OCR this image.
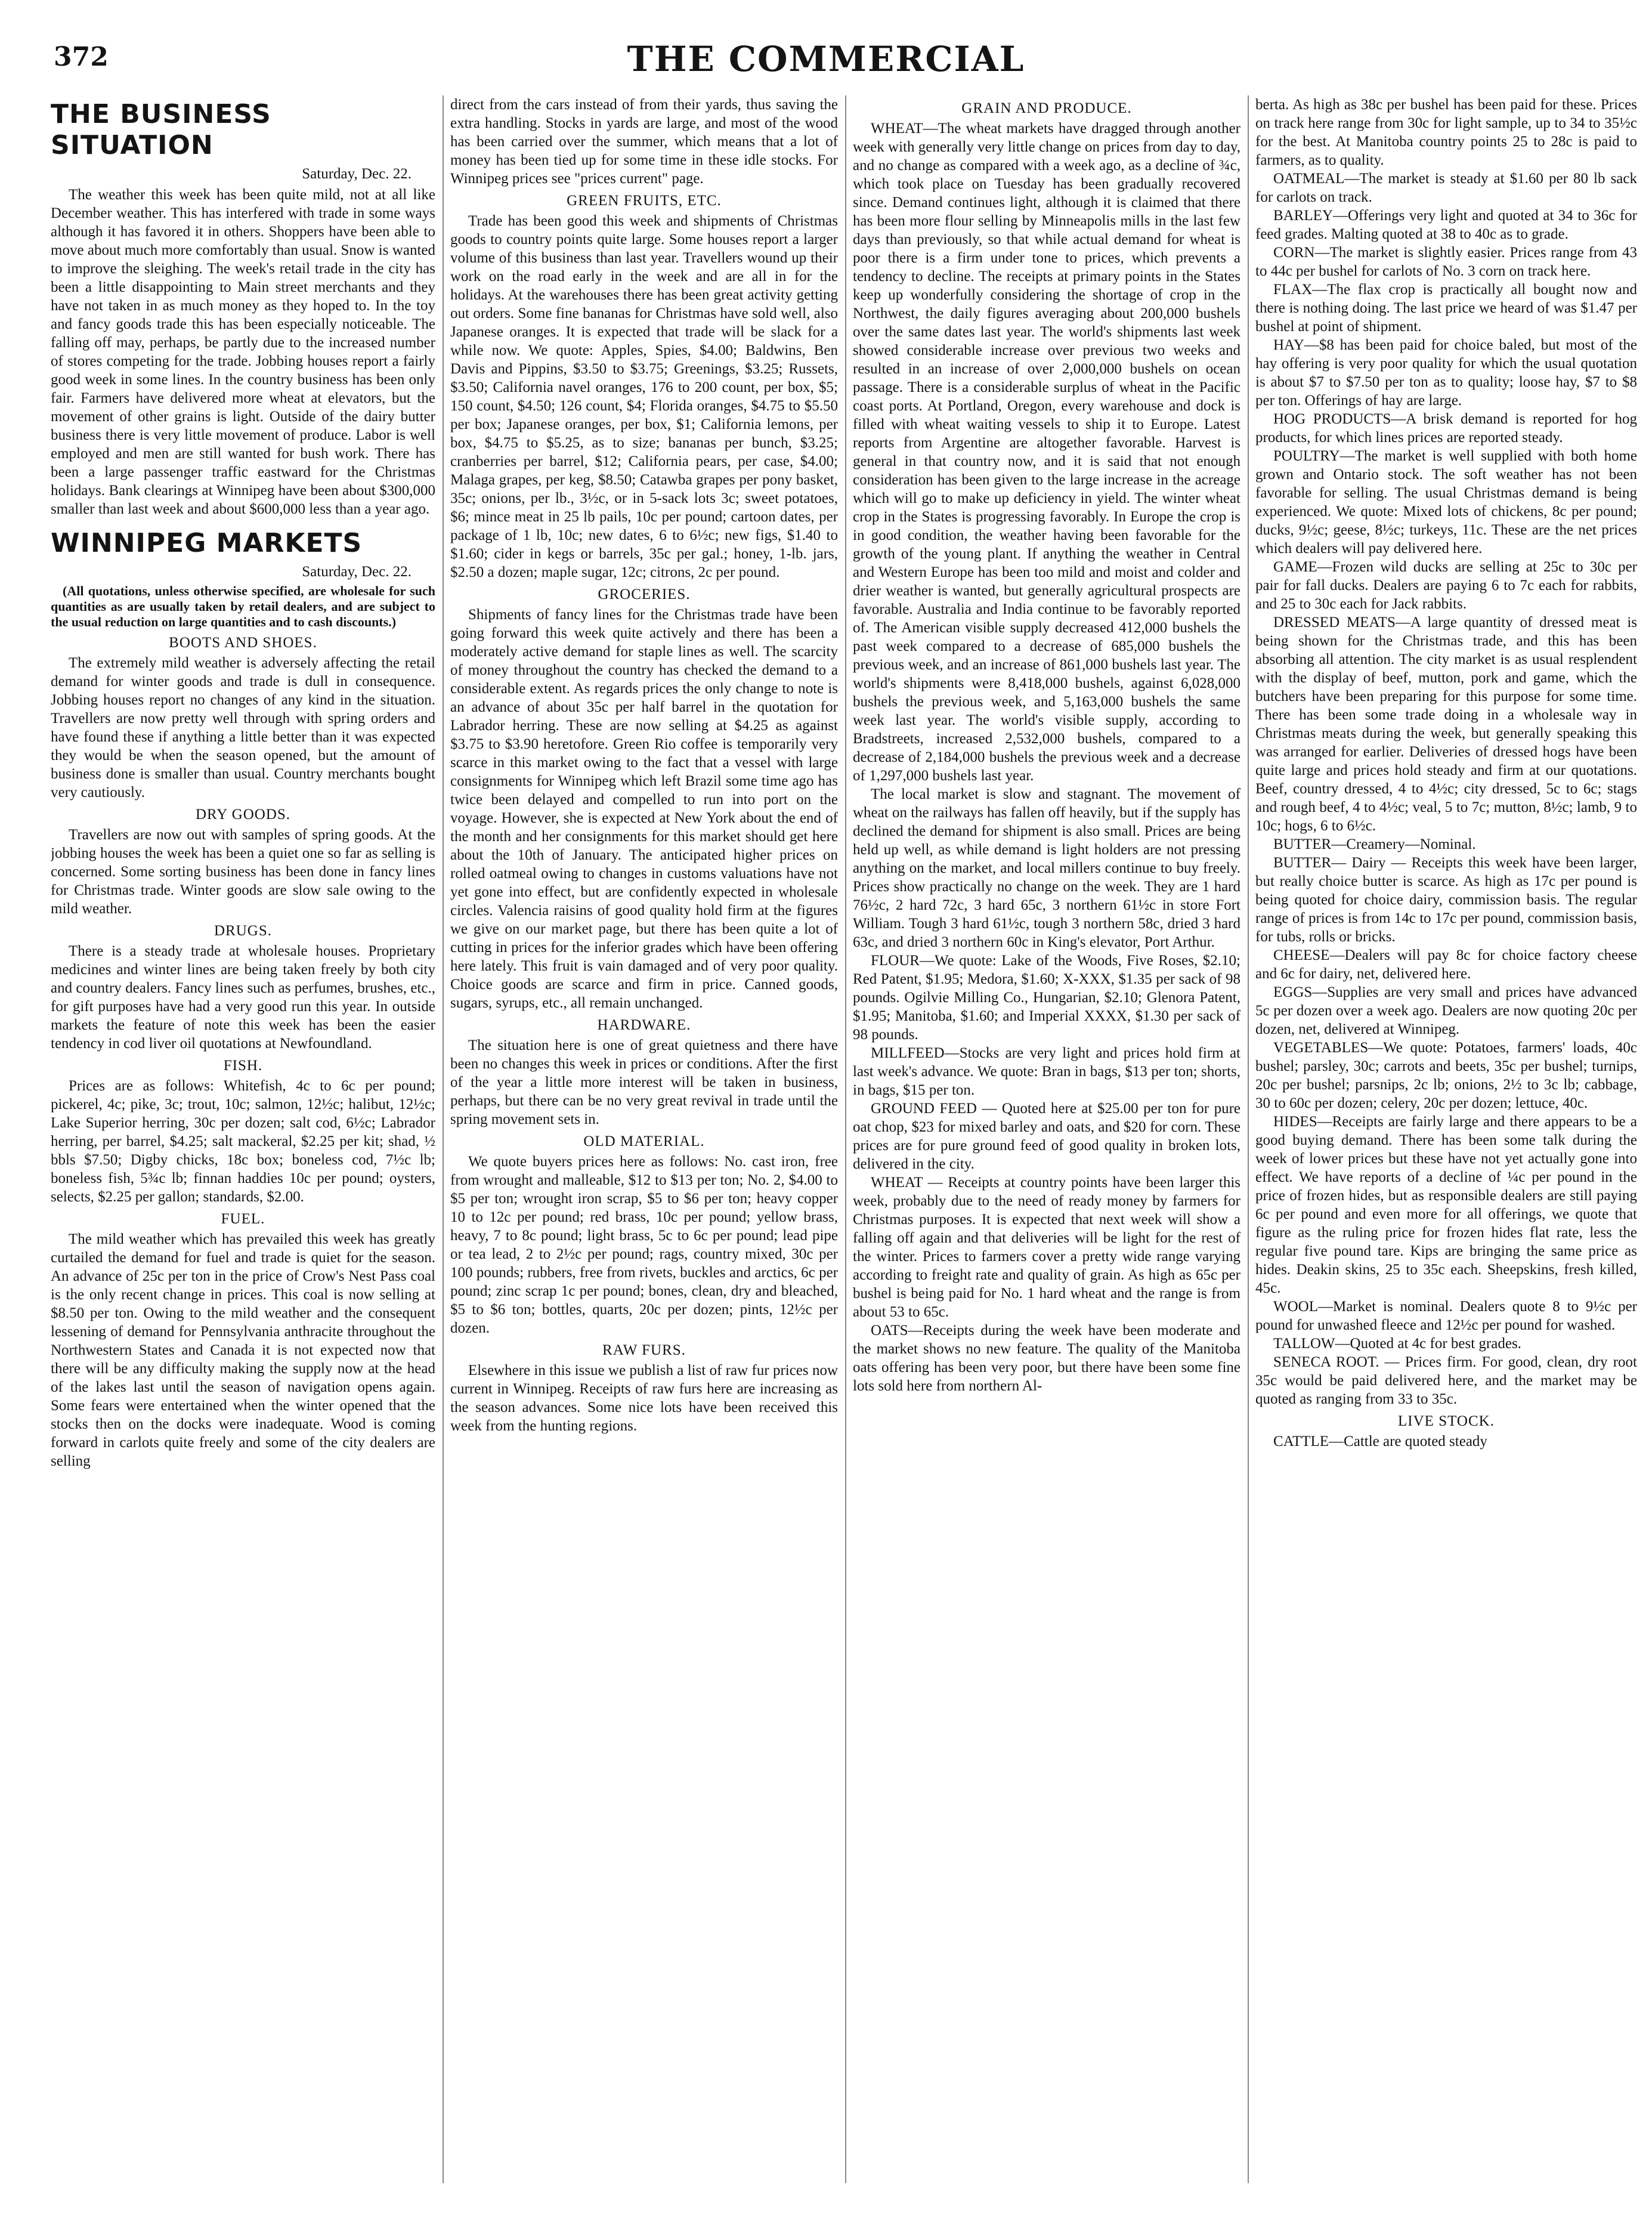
372	THE COMMERCIAL
THE BUSINESS SITUATION
Saturday, Dec. 22.

The weather this week has been quite mild, not at all like December weather. This has interfered with trade in some ways although it has favored it in others. Shoppers have been able to move about much more comfortably than usual. Snow is wanted to improve the sleighing. The week's retail trade in the city has been a little disappointing to Main street merchants and they have not taken in as much money as they hoped to. In the toy and fancy goods trade this has been especially noticeable. The falling off may, perhaps, be partly due to the increased number of stores competing for the trade. Jobbing houses report a fairly good week in some lines. In the country business has been only fair. Farmers have delivered more wheat at elevators, but the movement of other grains is light. Outside of the dairy butter business there is very little movement of produce. Labor is well employed and men are still wanted for bush work. There has been a large passenger traffic eastward for the Christmas holidays. Bank clearings at Winnipeg have been about $300,000 smaller than last week and about $600,000 less than a year ago.

WINNIPEG MARKETS
Saturday, Dec. 22.

(All quotations, unless otherwise specified, are wholesale for such quantities as are usually taken by retail dealers, and are subject to the usual reduction on large quantities and to cash discounts.)

BOOTS AND SHOES.

The extremely mild weather is adversely affecting the retail demand for winter goods and trade is dull in consequence. Jobbing houses report no changes of any kind in the situation. Travellers are now pretty well through with spring orders and have found these if anything a little better than it was expected they would be when the season opened, but the amount of business done is smaller than usual. Country merchants bought very cautiously.

DRY GOODS.

Travellers are now out with samples of spring goods. At the jobbing houses the week has been a quiet one so far as selling is concerned. Some sorting business has been done in fancy lines for Christmas trade. Winter goods are slow sale owing to the mild weather.

DRUGS.

There is a steady trade at wholesale houses. Proprietary medicines and winter lines are being taken freely by both city and country dealers. Fancy lines such as perfumes, brushes, etc., for gift purposes have had a very good run this year. In outside markets the feature of note this week has been the easier tendency in cod liver oil quotations at Newfoundland.

FISH.

Prices are as follows: Whitefish, 4c to 6c per pound; pickerel, 4c; pike, 3c; trout, 10c; salmon, 12½c; halibut, 12½c; Lake Superior herring, 30c per dozen; salt cod, 6½c; Labrador herring, per barrel, $4.25; salt mackeral, $2.25 per kit; shad, ½ bbls $7.50; Digby chicks, 18c box; boneless cod, 7½c lb; boneless fish, 5¾c lb; finnan haddies 10c per pound; oysters, selects, $2.25 per gallon; standards, $2.00.

FUEL.

The mild weather which has prevailed this week has greatly curtailed the demand for fuel and trade is quiet for the season. An advance of 25c per ton in the price of Crow's Nest Pass coal is the only recent change in prices. This coal is now selling at $8.50 per ton. Owing to the mild weather and the consequent lessening of demand for Pennsylvania anthracite throughout the Northwestern States and Canada it is not expected now that there will be any difficulty making the supply now at the head of the lakes last until the season of navigation opens again. Some fears were entertained when the winter opened that the stocks then on the docks were inadequate. Wood is coming forward in carlots quite freely and some of the city dealers are selling

direct from the cars instead of from their yards, thus saving the extra handling. Stocks in yards are large, and most of the wood has been carried over the summer, which means that a lot of money has been tied up for some time in these idle stocks. For Winnipeg prices see "prices current" page.

GREEN FRUITS, ETC.

Trade has been good this week and shipments of Christmas goods to country points quite large. Some houses report a larger volume of this business than last year. Travellers wound up their work on the road early in the week and are all in for the holidays. At the warehouses there has been great activity getting out orders. Some fine bananas for Christmas have sold well, also Japanese oranges. It is expected that trade will be slack for a while now. We quote: Apples, Spies, $4.00; Baldwins, Ben Davis and Pippins, $3.50 to $3.75; Greenings, $3.25; Russets, $3.50; California navel oranges, 176 to 200 count, per box, $5; 150 count, $4.50; 126 count, $4; Florida oranges, $4.75 to $5.50 per box; Japanese oranges, per box, $1; California lemons, per box, $4.75 to $5.25, as to size; bananas per bunch, $3.25; cranberries per barrel, $12; California pears, per case, $4.00; Malaga grapes, per keg, $8.50; Catawba grapes per pony basket, 35c; onions, per lb., 3½c, or in 5-sack lots 3c; sweet potatoes, $6; mince meat in 25 lb pails, 10c per pound; cartoon dates, per package of 1 lb, 10c; new dates, 6 to 6½c; new figs, $1.40 to $1.60; cider in kegs or barrels, 35c per gal.; honey, 1-lb. jars, $2.50 a dozen; maple sugar, 12c; citrons, 2c per pound.

GROCERIES.

Shipments of fancy lines for the Christmas trade have been going forward this week quite actively and there has been a moderately active demand for staple lines as well. The scarcity of money throughout the country has checked the demand to a considerable extent. As regards prices the only change to note is an advance of about 35c per half barrel in the quotation for Labrador herring. These are now selling at $4.25 as against $3.75 to $3.90 heretofore. Green Rio coffee is temporarily very scarce in this market owing to the fact that a vessel with large consignments for Winnipeg which left Brazil some time ago has twice been delayed and compelled to run into port on the voyage. However, she is expected at New York about the end of the month and her consignments for this market should get here about the 10th of January. The anticipated higher prices on rolled oatmeal owing to changes in customs valuations have not yet gone into effect, but are confidently expected in wholesale circles. Valencia raisins of good quality hold firm at the figures we give on our market page, but there has been quite a lot of cutting in prices for the inferior grades which have been offering here lately. This fruit is vain damaged and of very poor quality. Choice goods are scarce and firm in price. Canned goods, sugars, syrups, etc., all remain unchanged.

HARDWARE.

The situation here is one of great quietness and there have been no changes this week in prices or conditions. After the first of the year a little more interest will be taken in business, perhaps, but there can be no very great revival in trade until the spring movement sets in.

OLD MATERIAL.

We quote buyers prices here as follows: No. cast iron, free from wrought and malleable, $12 to $13 per ton; No. 2, $4.00 to $5 per ton; wrought iron scrap, $5 to $6 per ton; heavy copper 10 to 12c per pound; red brass, 10c per pound; yellow brass, heavy, 7 to 8c pound; light brass, 5c to 6c per pound; lead pipe or tea lead, 2 to 2½c per pound; rags, country mixed, 30c per 100 pounds; rubbers, free from rivets, buckles and arctics, 6c per pound; zinc scrap 1c per pound; bones, clean, dry and bleached, $5 to $6 ton; bottles, quarts, 20c per dozen; pints, 12½c per dozen.

RAW FURS.

Elsewhere in this issue we publish a list of raw fur prices now current in Winnipeg. Receipts of raw furs here are increasing as the season advances. Some nice lots have been received this week from the hunting regions.

GRAIN AND PRODUCE.

WHEAT—The wheat markets have dragged through another week with generally very little change on prices from day to day, and no change as compared with a week ago, as a decline of ¾c, which took place on Tuesday has been gradually recovered since. Demand continues light, although it is claimed that there has been more flour selling by Minneapolis mills in the last few days than previously, so that while actual demand for wheat is poor there is a firm under tone to prices, which prevents a tendency to decline. The receipts at primary points in the States keep up wonderfully considering the shortage of crop in the Northwest, the daily figures averaging about 200,000 bushels over the same dates last year. The world's shipments last week showed considerable increase over previous two weeks and resulted in an increase of over 2,000,000 bushels on ocean passage. There is a considerable surplus of wheat in the Pacific coast ports. At Portland, Oregon, every warehouse and dock is filled with wheat waiting vessels to ship it to Europe. Latest reports from Argentine are altogether favorable. Harvest is general in that country now, and it is said that not enough consideration has been given to the large increase in the acreage which will go to make up deficiency in yield. The winter wheat crop in the States is progressing favorably. In Europe the crop is in good condition, the weather having been favorable for the growth of the young plant. If anything the weather in Central and Western Europe has been too mild and moist and colder and drier weather is wanted, but generally agricultural prospects are favorable. Australia and India continue to be favorably reported of. The American visible supply decreased 412,000 bushels the past week compared to a decrease of 685,000 bushels the previous week, and an increase of 861,000 bushels last year. The world's shipments were 8,418,000 bushels, against 6,028,000 bushels the previous week, and 5,163,000 bushels the same week last year. The world's visible supply, according to Bradstreets, increased 2,532,000 bushels, compared to a decrease of 2,184,000 bushels the previous week and a decrease of 1,297,000 bushels last year.

The local market is slow and stagnant. The movement of wheat on the railways has fallen off heavily, but if the supply has declined the demand for shipment is also small. Prices are being held up well, as while demand is light holders are not pressing anything on the market, and local millers continue to buy freely. Prices show practically no change on the week. They are 1 hard 76½c, 2 hard 72c, 3 hard 65c, 3 northern 61½c in store Fort William. Tough 3 hard 61½c, tough 3 northern 58c, dried 3 hard 63c, and dried 3 northern 60c in King's elevator, Port Arthur.

FLOUR—We quote: Lake of the Woods, Five Roses, $2.10; Red Patent, $1.95; Medora, $1.60; X-XXX, $1.35 per sack of 98 pounds. Ogilvie Milling Co., Hungarian, $2.10; Glenora Patent, $1.95; Manitoba, $1.60; and Imperial XXXX, $1.30 per sack of 98 pounds.

MILLFEED—Stocks are very light and prices hold firm at last week's advance. We quote: Bran in bags, $13 per ton; shorts, in bags, $15 per ton.

GROUND FEED — Quoted here at $25.00 per ton for pure oat chop, $23 for mixed barley and oats, and $20 for corn. These prices are for pure ground feed of good quality in broken lots, delivered in the city.

WHEAT — Receipts at country points have been larger this week, probably due to the need of ready money by farmers for Christmas purposes. It is expected that next week will show a falling off again and that deliveries will be light for the rest of the winter. Prices to farmers cover a pretty wide range varying according to freight rate and quality of grain. As high as 65c per bushel is being paid for No. 1 hard wheat and the range is from about 53 to 65c.

OATS—Receipts during the week have been moderate and the market shows no new feature. The quality of the Manitoba oats offering has been very poor, but there have been some fine lots sold here from northern Al-

berta. As high as 38c per bushel has been paid for these. Prices on track here range from 30c for light sample, up to 34 to 35½c for the best. At Manitoba country points 25 to 28c is paid to farmers, as to quality.

OATMEAL—The market is steady at $1.60 per 80 lb sack for carlots on track.

BARLEY—Offerings very light and quoted at 34 to 36c for feed grades. Malting quoted at 38 to 40c as to grade.

CORN—The market is slightly easier. Prices range from 43 to 44c per bushel for carlots of No. 3 corn on track here.

FLAX—The flax crop is practically all bought now and there is nothing doing. The last price we heard of was $1.47 per bushel at point of shipment.

HAY—$8 has been paid for choice baled, but most of the hay offering is very poor quality for which the usual quotation is about $7 to $7.50 per ton as to quality; loose hay, $7 to $8 per ton. Offerings of hay are large.

HOG PRODUCTS—A brisk demand is reported for hog products, for which lines prices are reported steady.

POULTRY—The market is well supplied with both home grown and Ontario stock. The soft weather has not been favorable for selling. The usual Christmas demand is being experienced. We quote: Mixed lots of chickens, 8c per pound; ducks, 9½c; geese, 8½c; turkeys, 11c. These are the net prices which dealers will pay delivered here.

GAME—Frozen wild ducks are selling at 25c to 30c per pair for fall ducks. Dealers are paying 6 to 7c each for rabbits, and 25 to 30c each for Jack rabbits.

DRESSED MEATS—A large quantity of dressed meat is being shown for the Christmas trade, and this has been absorbing all attention. The city market is as usual resplendent with the display of beef, mutton, pork and game, which the butchers have been preparing for this purpose for some time. There has been some trade doing in a wholesale way in Christmas meats during the week, but generally speaking this was arranged for earlier. Deliveries of dressed hogs have been quite large and prices hold steady and firm at our quotations. Beef, country dressed, 4 to 4½c; city dressed, 5c to 6c; stags and rough beef, 4 to 4½c; veal, 5 to 7c; mutton, 8½c; lamb, 9 to 10c; hogs, 6 to 6½c.

BUTTER—Creamery—Nominal.

BUTTER— Dairy — Receipts this week have been larger, but really choice butter is scarce. As high as 17c per pound is being quoted for choice dairy, commission basis. The regular range of prices is from 14c to 17c per pound, commission basis, for tubs, rolls or bricks.

CHEESE—Dealers will pay 8c for choice factory cheese and 6c for dairy, net, delivered here.

EGGS—Supplies are very small and prices have advanced 5c per dozen over a week ago. Dealers are now quoting 20c per dozen, net, delivered at Winnipeg.

VEGETABLES—We quote: Potatoes, farmers' loads, 40c bushel; parsley, 30c; carrots and beets, 35c per bushel; turnips, 20c per bushel; parsnips, 2c lb; onions, 2½ to 3c lb; cabbage, 30 to 60c per dozen; celery, 20c per dozen; lettuce, 40c.

HIDES—Receipts are fairly large and there appears to be a good buying demand. There has been some talk during the week of lower prices but these have not yet actually gone into effect. We have reports of a decline of ¼c per pound in the price of frozen hides, but as responsible dealers are still paying 6c per pound and even more for all offerings, we quote that figure as the ruling price for frozen hides flat rate, less the regular five pound tare. Kips are bringing the same price as hides. Deakin skins, 25 to 35c each. Sheepskins, fresh killed, 45c.

WOOL—Market is nominal. Dealers quote 8 to 9½c per pound for unwashed fleece and 12½c per pound for washed.

TALLOW—Quoted at 4c for best grades.

SENECA ROOT. — Prices firm. For good, clean, dry root 35c would be paid delivered here, and the market may be quoted as ranging from 33 to 35c.

LIVE STOCK.

CATTLE—Cattle are quoted steady
